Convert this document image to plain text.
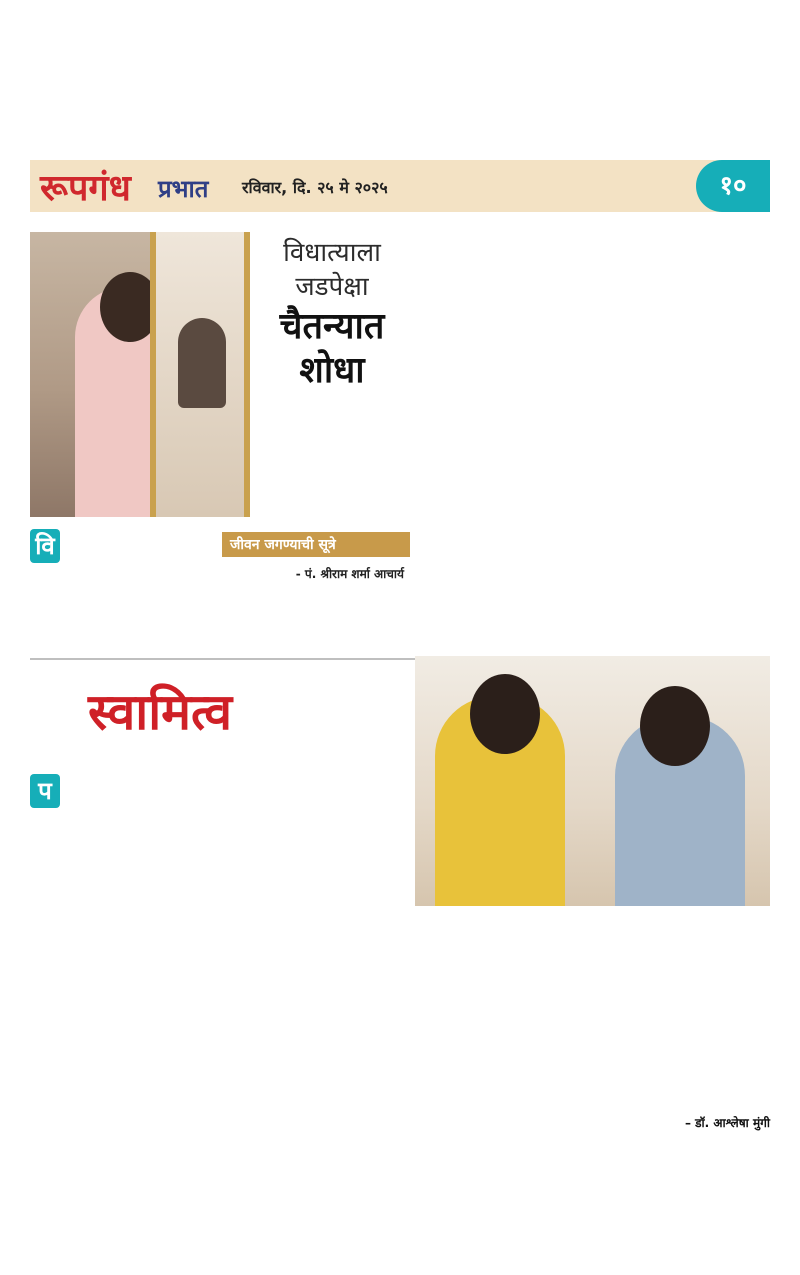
रूपगंध प्रभात रविवार, दि. २५ मे २०२५	१०
विधात्याला
जडपेक्षा
चैतन्यात
शोधा
वि	जीवन जगण्याची सूत्रे
- पं. श्रीराम शर्मा आचार्य
स्वामित्व
प
– डॉ. आश्लेषा मुंगी
